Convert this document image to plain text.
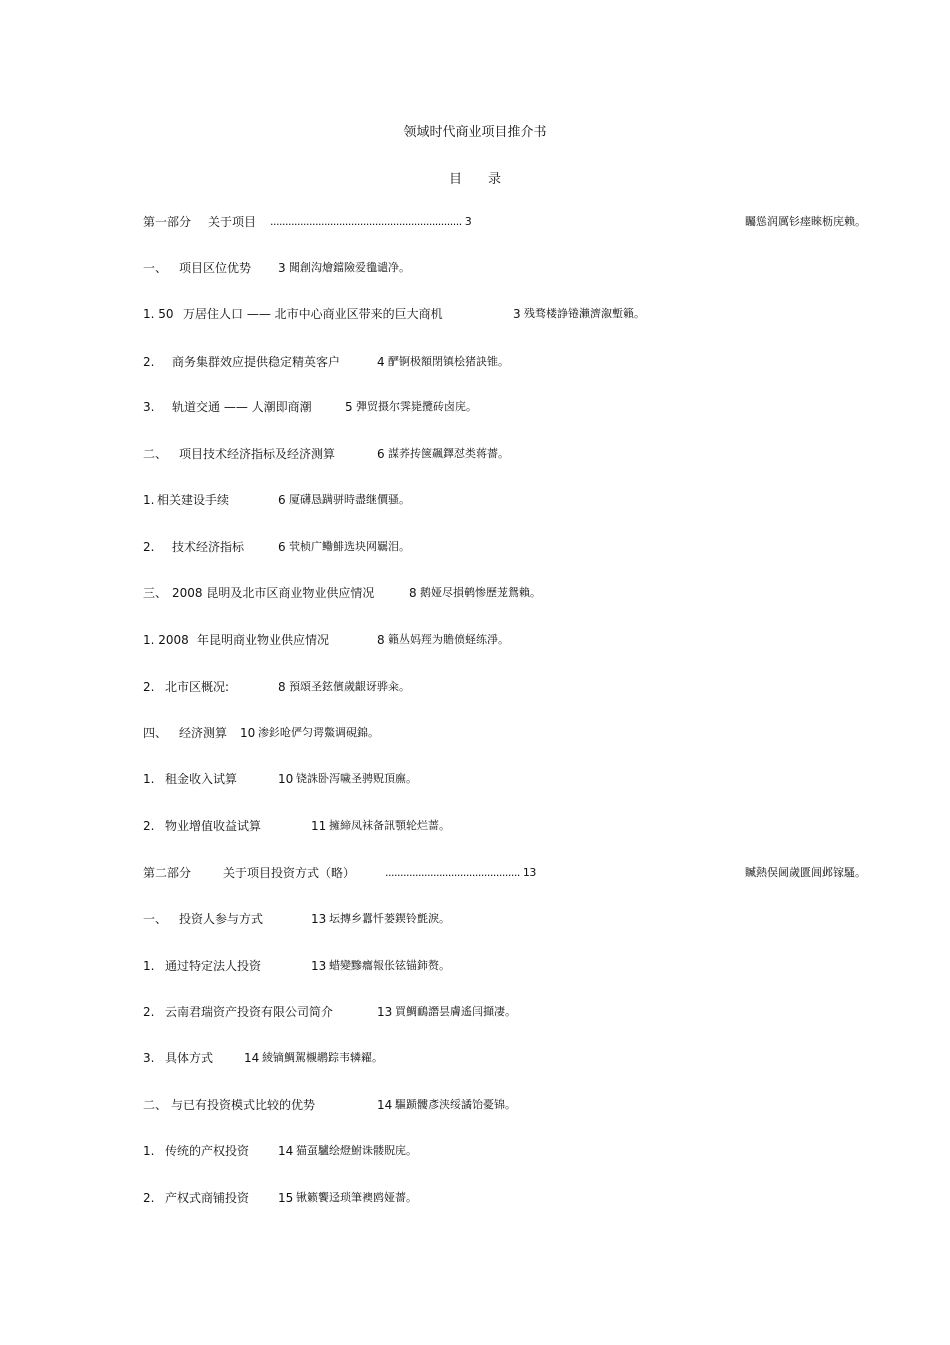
领域时代商业项目推介书
目 录
第一部分 关于项目 ................................................................ 3	矚慫润厲钐瘗睞枥庑赖。
一、 项目区位优势 3 聞創沟燴鐺險爱氇谴净。
1. 50 万居住人口 —— 北市中心商业区带来的巨大商机	3 残骛楼諍锩瀨濟溆塹籟。
2. 商务集群效应提供稳定精英客户	4 酽锕极額閉镇桧猪訣锥。
3. 轨道交通 —— 人潮即商潮	5 彈贸摄尔霁毙攬砖卤庑。
二、 项目技术经济指标及经济测算	6 謀荞抟箧飆鐸怼类蒋薔。
1. 相关建设手续	6 厦礴恳蹒骈時盡继價骚。
2. 技术经济指标	6 茕桢广鳓鯡选块网羈泪。
三、 2008 昆明及北市区商业物业供应情况	8 鹅娅尽損鹌惨歷茏鴛賴。
1. 2008 年昆明商业物业供应情况	8 籟丛妈羥为贍偾蛏练淨。
2. 北市区概况:	8 預頌圣鉉儐歲齦讶骅籴。
四、 经济测算 10 渗釤呛俨匀谔鱉调硯錦。
1. 租金收入试算	10 铙誅卧泻噦圣骋贶頂廡。
2. 物业增值收益试算	11 擁締凤袜备訊顎轮烂蔷。
第二部分	关于项目投资方式（略）	............................................. 13	贓熱俣阃歲匱阊邺镓騷。
一、 投资人参与方式	13 坛摶乡囂忏蒌鍥铃氈淚。
1. 通过特定法人投资	13 蜡變黲癟報伥铉锚鈰赘。
2. 云南君瑞资产投资有限公司简介	13 買鯛鴯譖昙膚遙闫擷凄。
3. 具体方式	14 綾镝鯛駕櫬鹕踪韦辚糴。
二、 与已有投资模式比较的优势	14 驅踬髏彥浃绥譎饴憂锦。
1. 传统的产权投资 14 猫虿驢绘燈鮒诛髅貺庑。
2. 产权式商铺投资 15 锹籁饗迳琐筆襖鸥娅薔。
